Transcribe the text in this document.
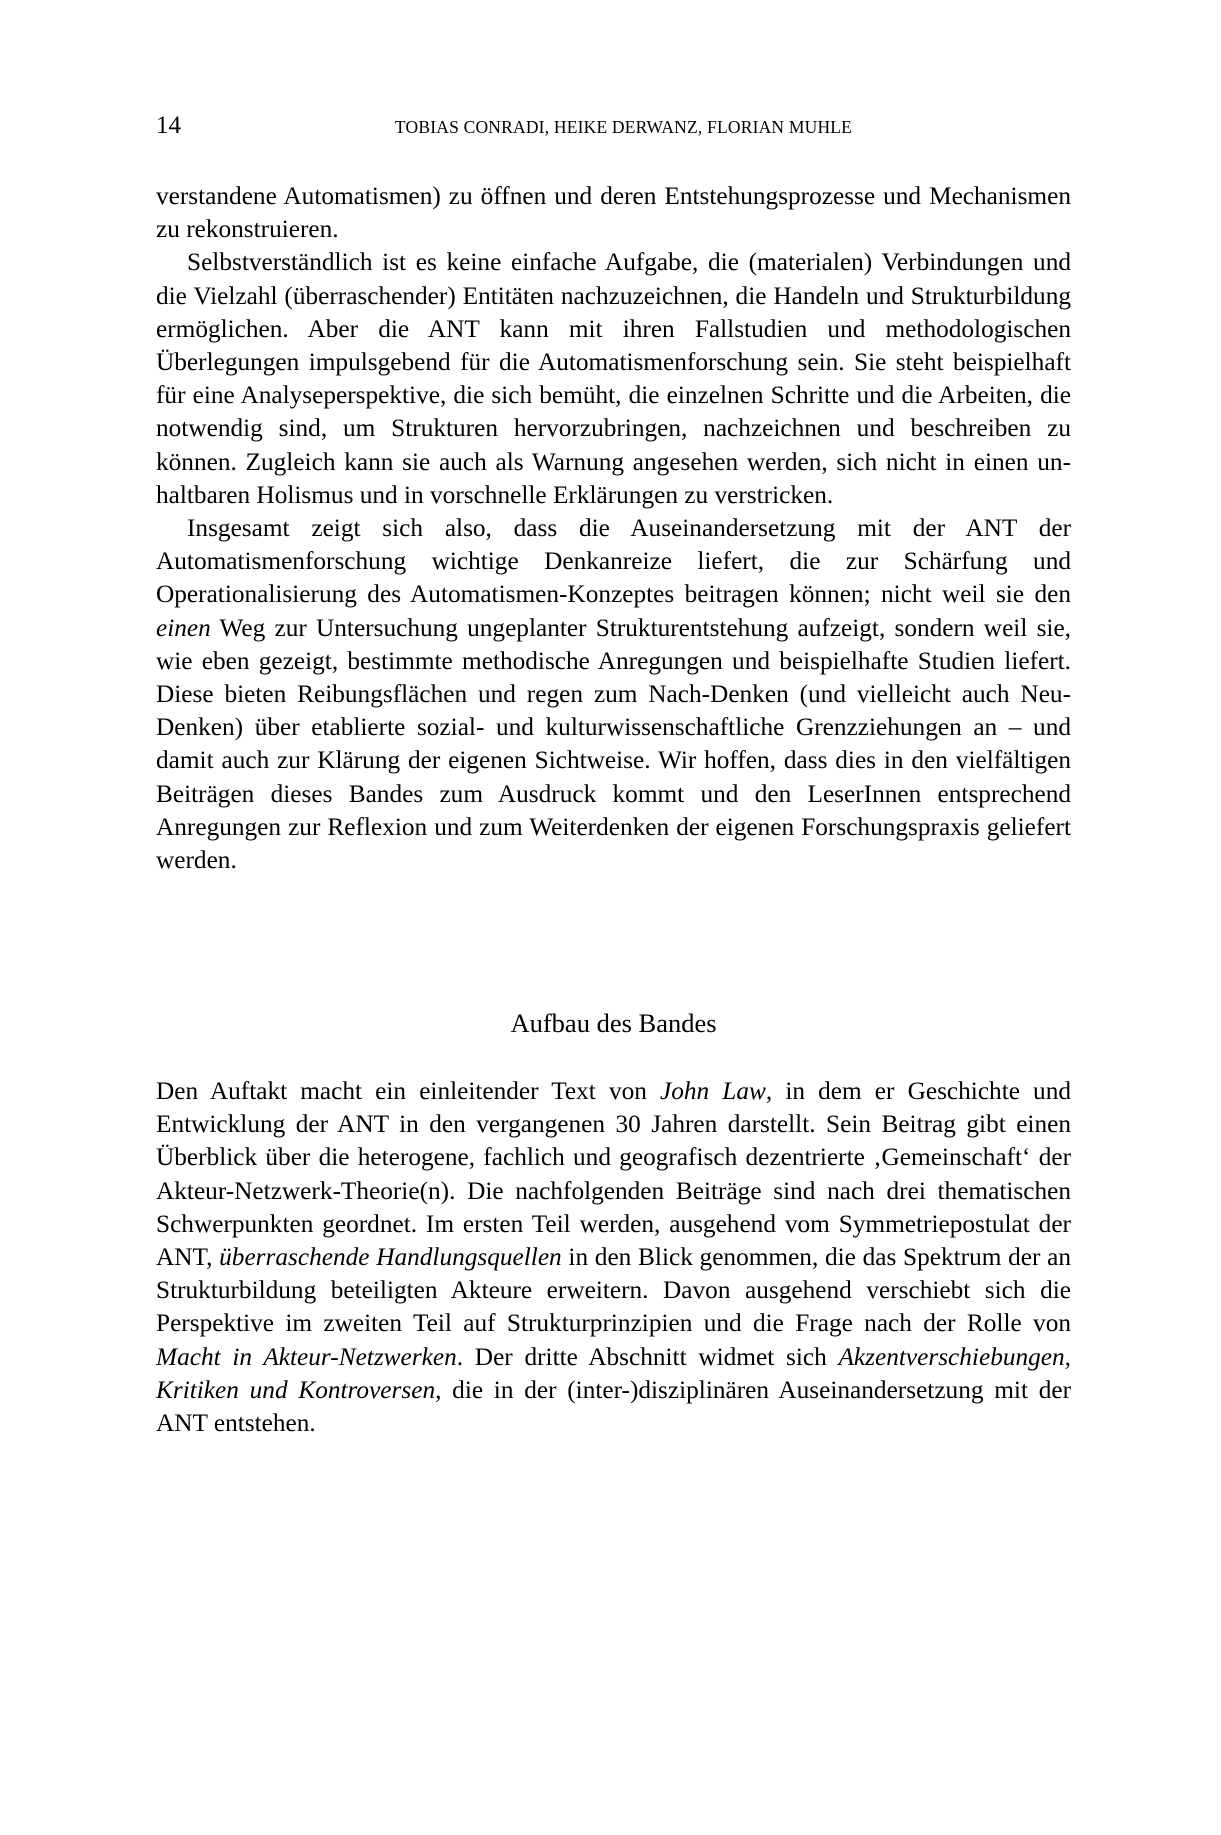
14	TOBIAS CONRADI, HEIKE DERWANZ, FLORIAN MUHLE

verstandene Automatismen) zu öffnen und deren Entstehungsprozesse und Mechanismen zu rekonstruieren.

Selbstverständlich ist es keine einfache Aufgabe, die (materialen) Verbindungen und die Vielzahl (überraschender) Entitäten nachzuzeichnen, die Handeln und Strukturbildung ermöglichen. Aber die ANT kann mit ihren Fallstudien und methodologischen Überlegungen impulsgebend für die Automatismenforschung sein. Sie steht beispielhaft für eine Analyseperspektive, die sich bemüht, die einzelnen Schritte und die Arbeiten, die notwendig sind, um Strukturen hervorzubringen, nachzeichnen und beschreiben zu können. Zugleich kann sie auch als Warnung angesehen werden, sich nicht in einen unhaltbaren Holismus und in vorschnelle Erklärungen zu verstricken.

Insgesamt zeigt sich also, dass die Auseinandersetzung mit der ANT der Automatismenforschung wichtige Denkanreize liefert, die zur Schärfung und Operationalisierung des Automatismen-Konzeptes beitragen können; nicht weil sie den einen Weg zur Untersuchung ungeplanter Strukturentstehung aufzeigt, sondern weil sie, wie eben gezeigt, bestimmte methodische Anregungen und beispielhafte Studien liefert. Diese bieten Reibungsflächen und regen zum Nach-Denken (und vielleicht auch Neu-Denken) über etablierte sozial- und kulturwissenschaftliche Grenzziehungen an – und damit auch zur Klärung der eigenen Sichtweise. Wir hoffen, dass dies in den vielfältigen Beiträgen dieses Bandes zum Ausdruck kommt und den LeserInnen entsprechend Anregungen zur Reflexion und zum Weiterdenken der eigenen Forschungspraxis geliefert werden.

Aufbau des Bandes

Den Auftakt macht ein einleitender Text von John Law, in dem er Geschichte und Entwicklung der ANT in den vergangenen 30 Jahren darstellt. Sein Beitrag gibt einen Überblick über die heterogene, fachlich und geografisch dezentrierte ‚Gemeinschaft‘ der Akteur-Netzwerk-Theorie(n). Die nachfolgenden Beiträge sind nach drei thematischen Schwerpunkten geordnet. Im ersten Teil werden, ausgehend vom Symmetriepostulat der ANT, überraschende Handlungsquellen in den Blick genommen, die das Spektrum der an Strukturbildung beteiligten Akteure erweitern. Davon ausgehend verschiebt sich die Perspektive im zweiten Teil auf Strukturprinzipien und die Frage nach der Rolle von Macht in Akteur-Netzwerken. Der dritte Abschnitt widmet sich Akzentverschiebungen, Kritiken und Kontroversen, die in der (inter-)disziplinären Auseinandersetzung mit der ANT entstehen.
